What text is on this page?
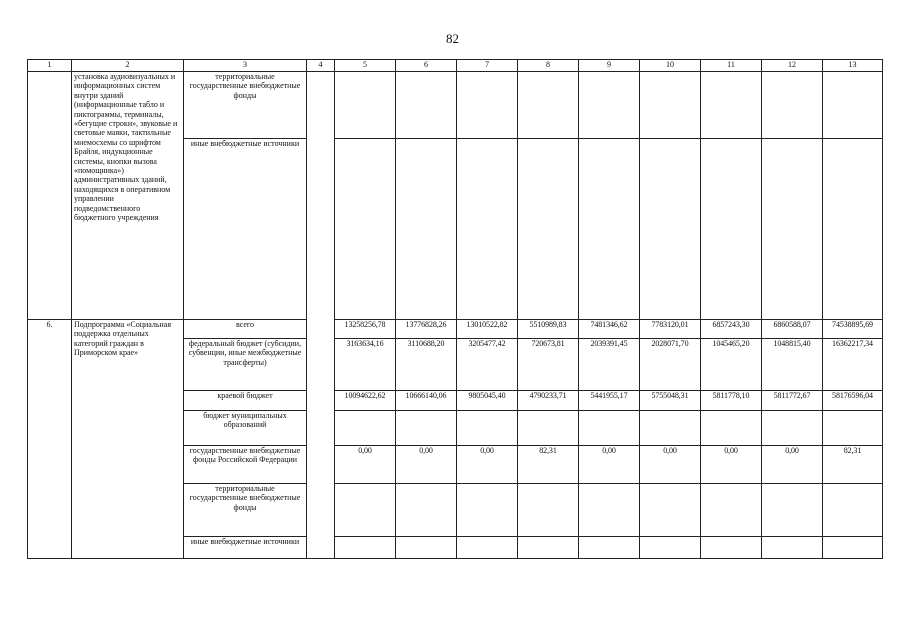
82
1	2	3	4	5	6	7	8	9	10	11	12	13
	установка аудиовизуальных и информационных систем внутри зданий (информационные табло и пиктограммы, терминалы, «бегущие строки», звуковые и световые маяки, тактильные мнемосхемы со шрифтом Брайля, индукционные системы, кнопки вызова «помощника») административных зданий, находящихся в оперативном управлении подведомственного бюджетного учреждения	территориальные государственные внебюджетные фонды										
		иные внебюджетные источники										
6.	Подпрограмма «Социальная поддержка отдельных категорий граждан в Приморском крае»	всего		13258256,78	13776828,26	13010522,82	5510989,83	7481346,62	7783120,01	6857243,30	6860588,07	74538895,69
		федеральный бюджет (субсидии, субвенции, иные межбюджетные трансферты)		3163634,16	3110688,20	3205477,42	720673,81	2039391,45	2028071,70	1045465,20	1048815,40	16362217,34
		краевой бюджет		10094622,62	10666140,06	9805045,40	4790233,71	5441955,17	5755048,31	5811778,10	5811772,67	58176596,04
		бюджет муниципальных образований										
		государственные внебюджетные фонды Российской Федерации		0,00	0,00	0,00	82,31	0,00	0,00	0,00	0,00	82,31
		территориальные государственные внебюджетные фонды										
		иные внебюджетные источники										
